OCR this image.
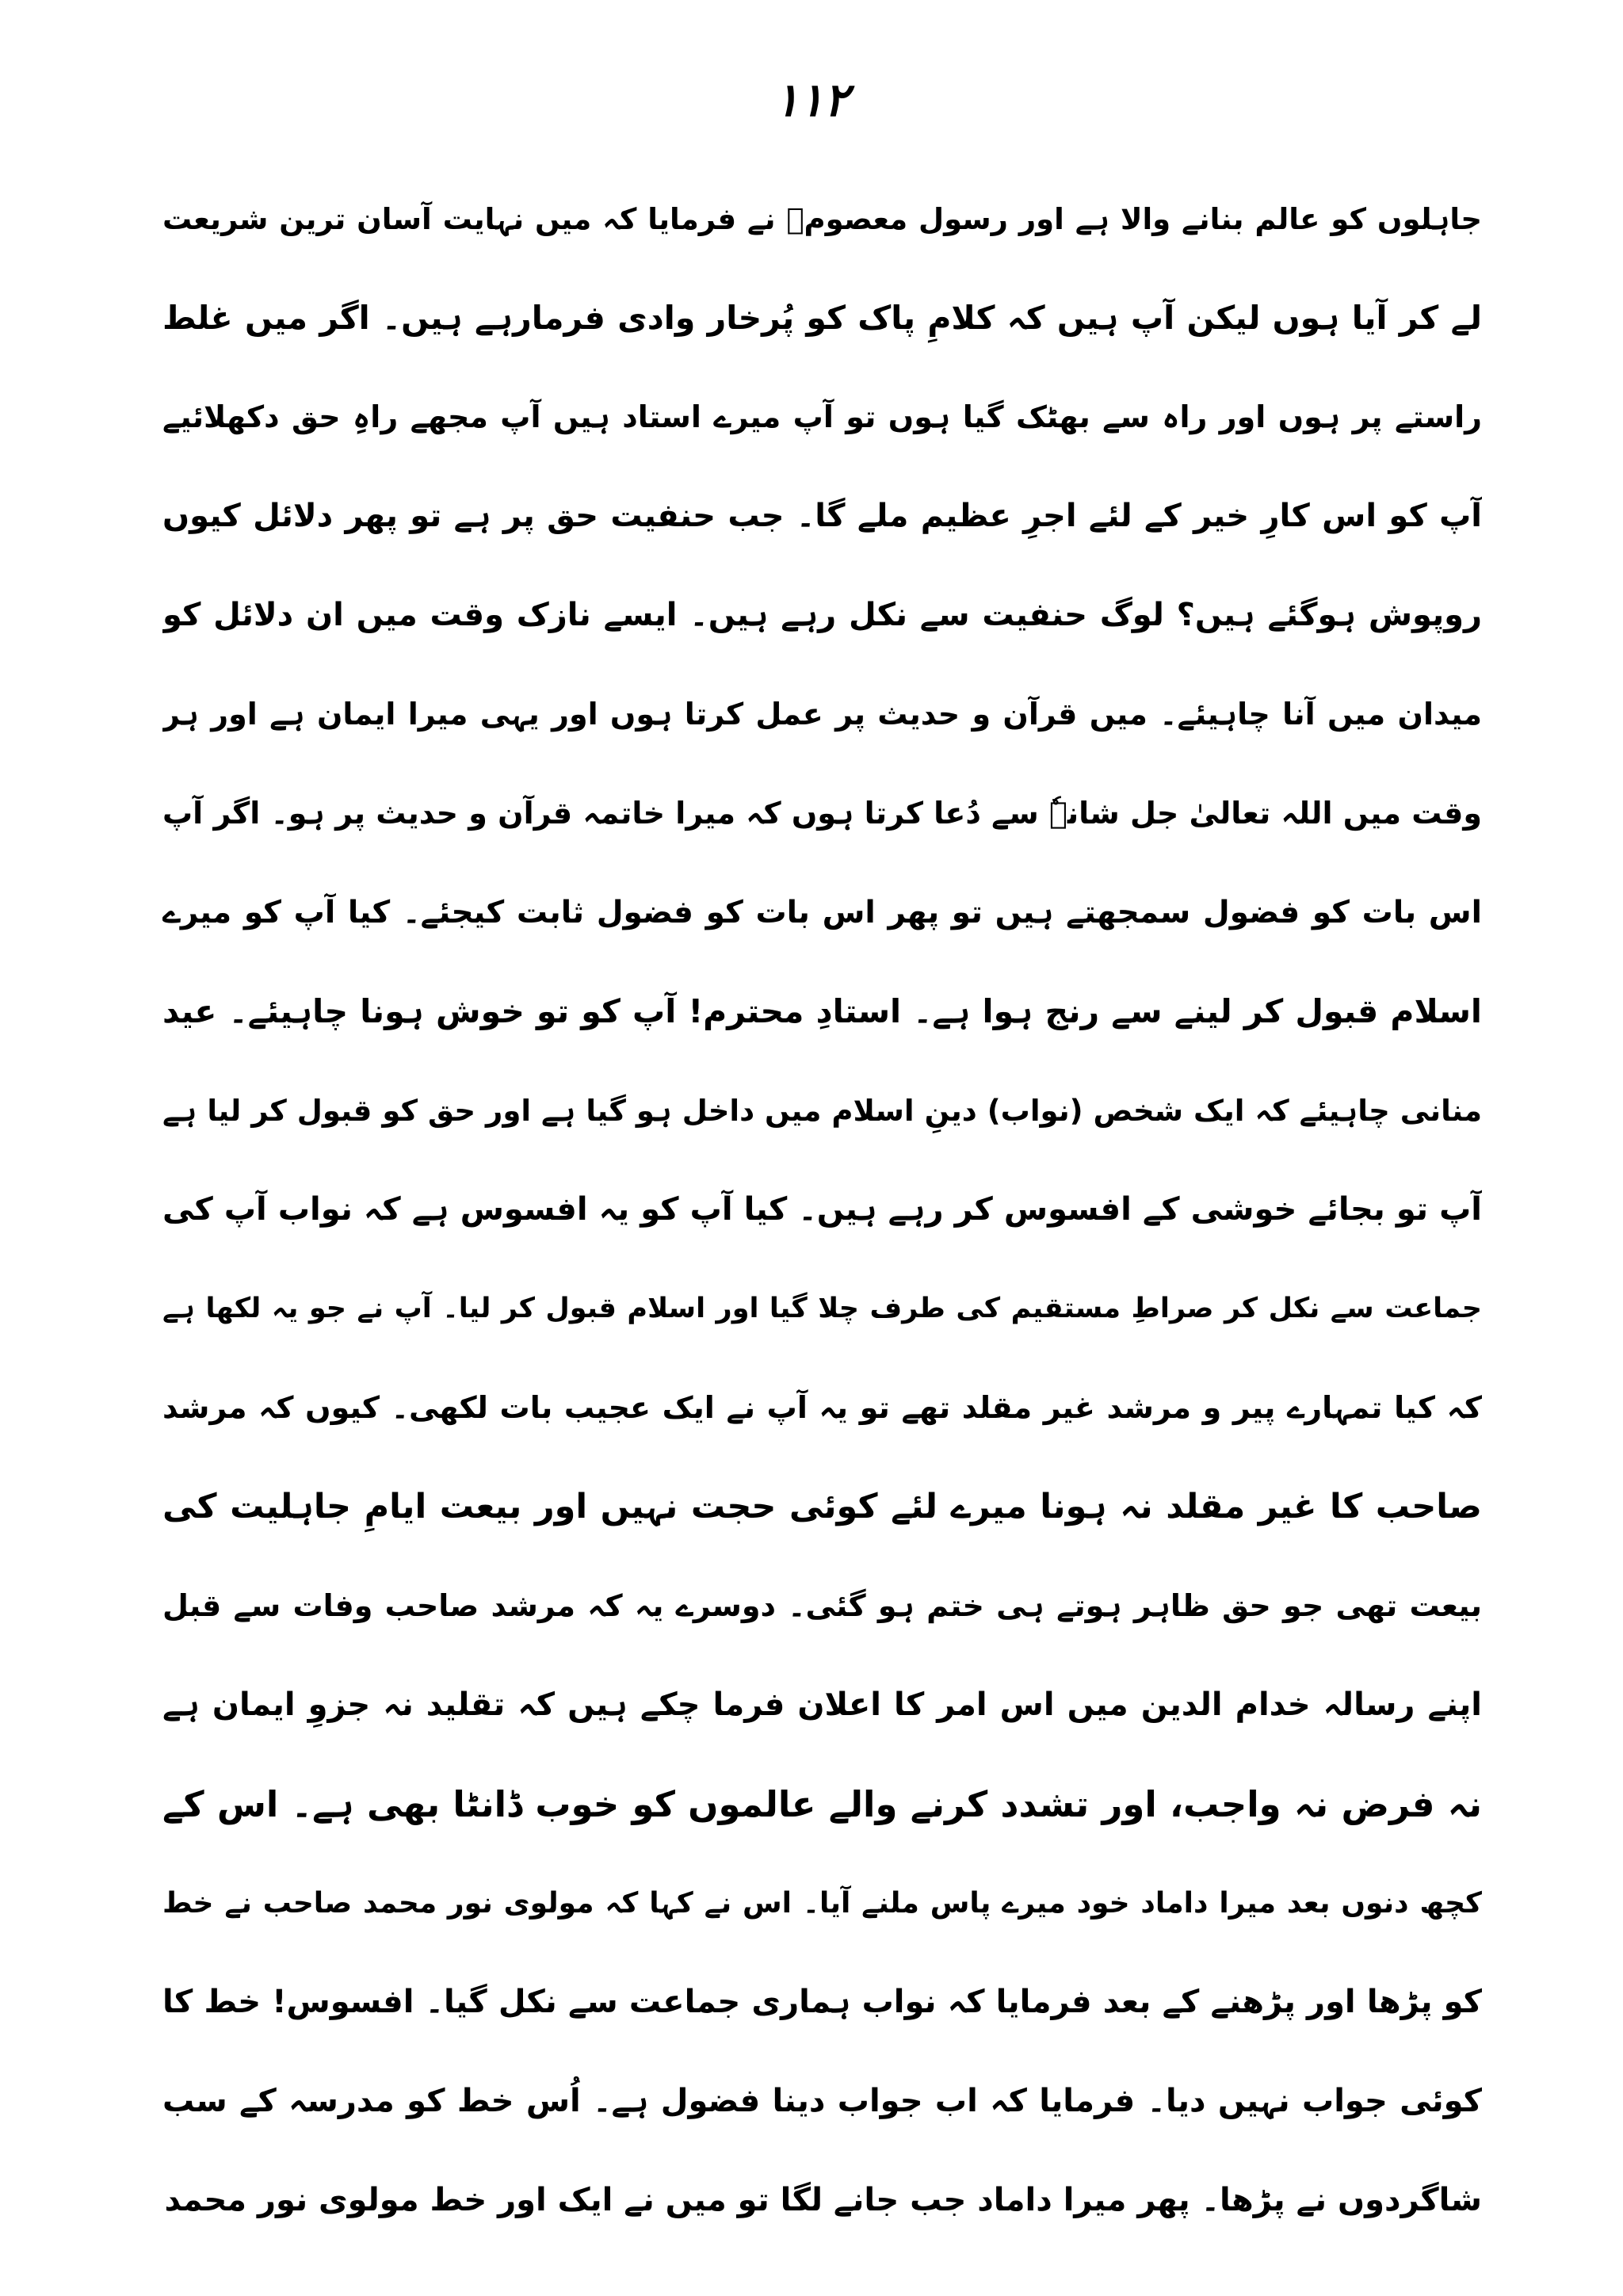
۱۱۲
جاہلوں کو عالم بنانے والا ہے اور رسول معصومؐ نے فرمایا کہ میں نہایت آسان ترین شریعت
لے کر آیا ہوں لیکن آپ ہیں کہ کلامِ پاک کو پُرخار وادی فرمارہے ہیں۔ اگر میں غلط
راستے پر ہوں اور راہ سے بھٹک گیا ہوں تو آپ میرے استاد ہیں آپ مجھے راہِ حق دکھلائیے
آپ کو اس کارِ خیر کے لئے اجرِ عظیم ملے گا۔ جب حنفیت حق پر ہے تو پھر دلائل کیوں
روپوش ہوگئے ہیں؟ لوگ حنفیت سے نکل رہے ہیں۔ ایسے نازک وقت میں ان دلائل کو
میدان میں آنا چاہیئے۔ میں قرآن و حدیث پر عمل کرتا ہوں اور یہی میرا ایمان ہے اور ہر
وقت میں اللہ تعالیٰ جل شانہٗ سے دُعا کرتا ہوں کہ میرا خاتمہ قرآن و حدیث پر ہو۔ اگر آپ
اس بات کو فضول سمجھتے ہیں تو پھر اس بات کو فضول ثابت کیجئے۔ کیا آپ کو میرے
اسلام قبول کر لینے سے رنج ہوا ہے۔ استادِ محترم! آپ کو تو خوش ہونا چاہیئے۔ عید
منانی چاہیئے کہ ایک شخص (نواب) دینِ اسلام میں داخل ہو گیا ہے اور حق کو قبول کر لیا ہے
آپ تو بجائے خوشی کے افسوس کر رہے ہیں۔ کیا آپ کو یہ افسوس ہے کہ نواب آپ کی
جماعت سے نکل کر صراطِ مستقیم کی طرف چلا گیا اور اسلام قبول کر لیا۔ آپ نے جو یہ لکھا ہے
کہ کیا تمہارے پیر و مرشد غیر مقلد تھے تو یہ آپ نے ایک عجیب بات لکھی۔ کیوں کہ مرشد
صاحب کا غیر مقلد نہ ہونا میرے لئے کوئی حجت نہیں اور بیعت ایامِ جاہلیت کی
بیعت تھی جو حق ظاہر ہوتے ہی ختم ہو گئی۔ دوسرے یہ کہ مرشد صاحب وفات سے قبل
اپنے رسالہ خدام الدین میں اس امر کا اعلان فرما چکے ہیں کہ تقلید نہ جزوِ ایمان ہے
نہ فرض نہ واجب، اور تشدد کرنے والے عالموں کو خوب ڈانٹا بھی ہے۔ اس کے
کچھ دنوں بعد میرا داماد خود میرے پاس ملنے آیا۔ اس نے کہا کہ مولوی نور محمد صاحب نے خط
کو پڑھا اور پڑھنے کے بعد فرمایا کہ نواب ہماری جماعت سے نکل گیا۔ افسوس! خط کا
کوئی جواب نہیں دیا۔ فرمایا کہ اب جواب دینا فضول ہے۔ اُس خط کو مدرسہ کے سب
شاگردوں نے پڑھا۔ پھر میرا داماد جب جانے لگا تو میں نے ایک اور خط مولوی نور محمد
